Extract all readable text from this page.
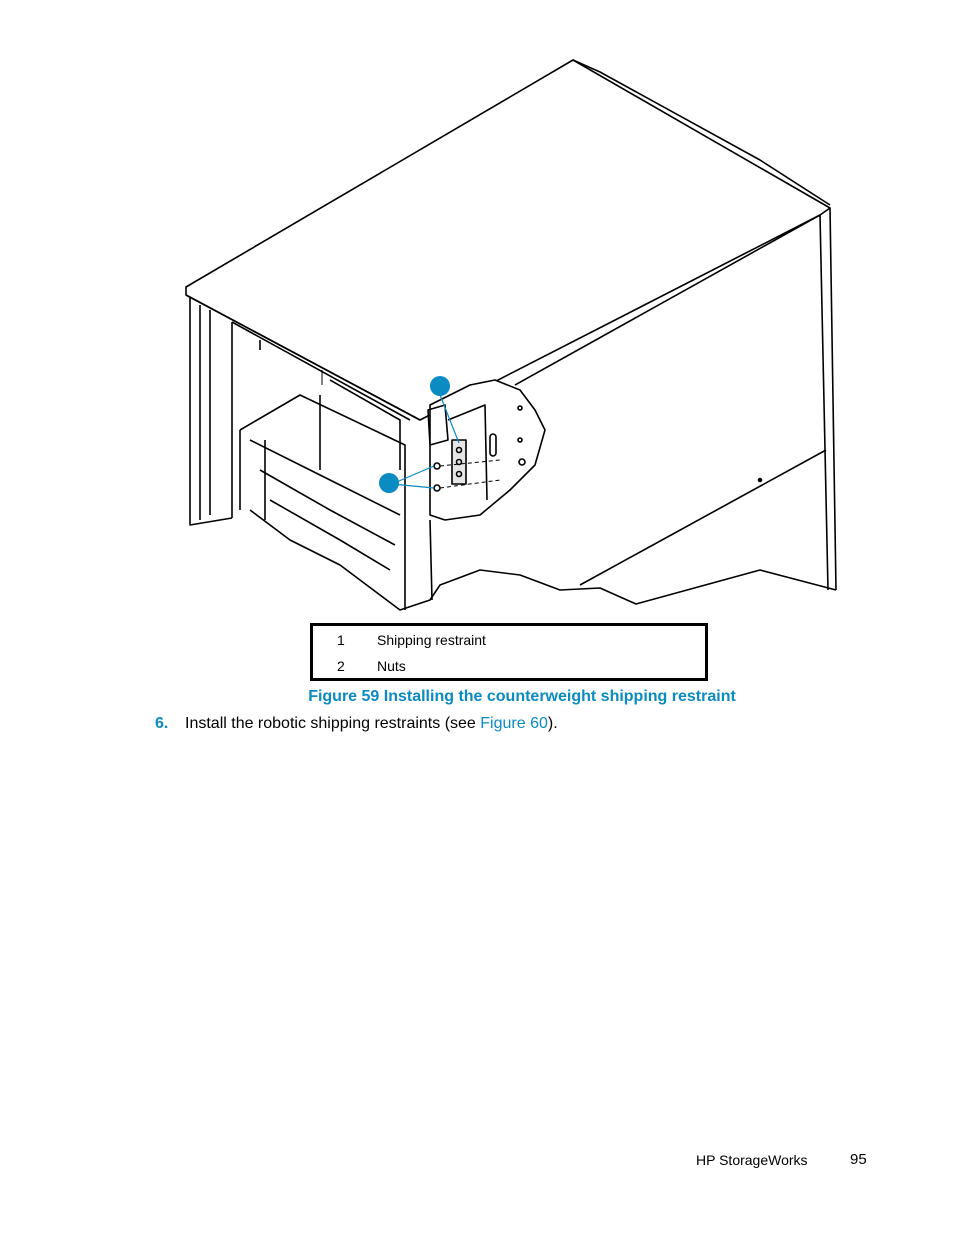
1 Shipping restraint
2 Nuts
Figure 59 Installing the counterweight shipping restraint
6. Install the robotic shipping restraints (see Figure 60).
HP StorageWorks	95
